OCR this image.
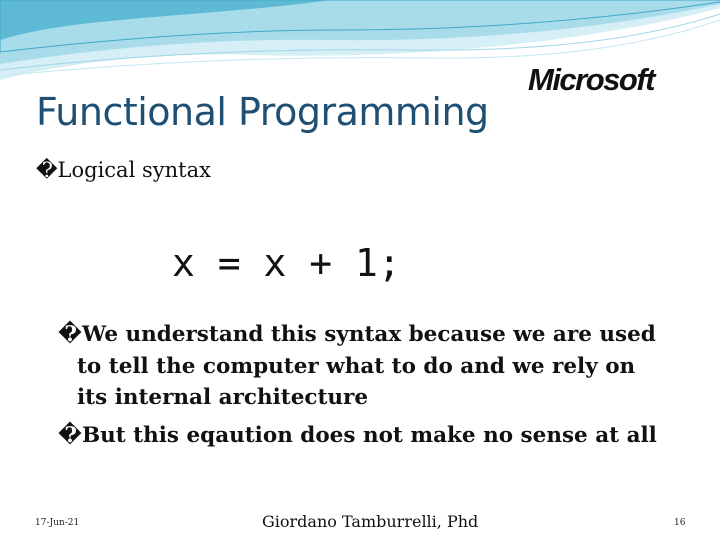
Microsoft
Functional Programming
�Logical syntax
x = x + 1;
�We understand this syntax because we are used
to tell the computer what to do and we rely on
its internal architecture
�But this eqaution does not make no sense at all
17-Jun-21	Giordano Tamburrelli, Phd	16
